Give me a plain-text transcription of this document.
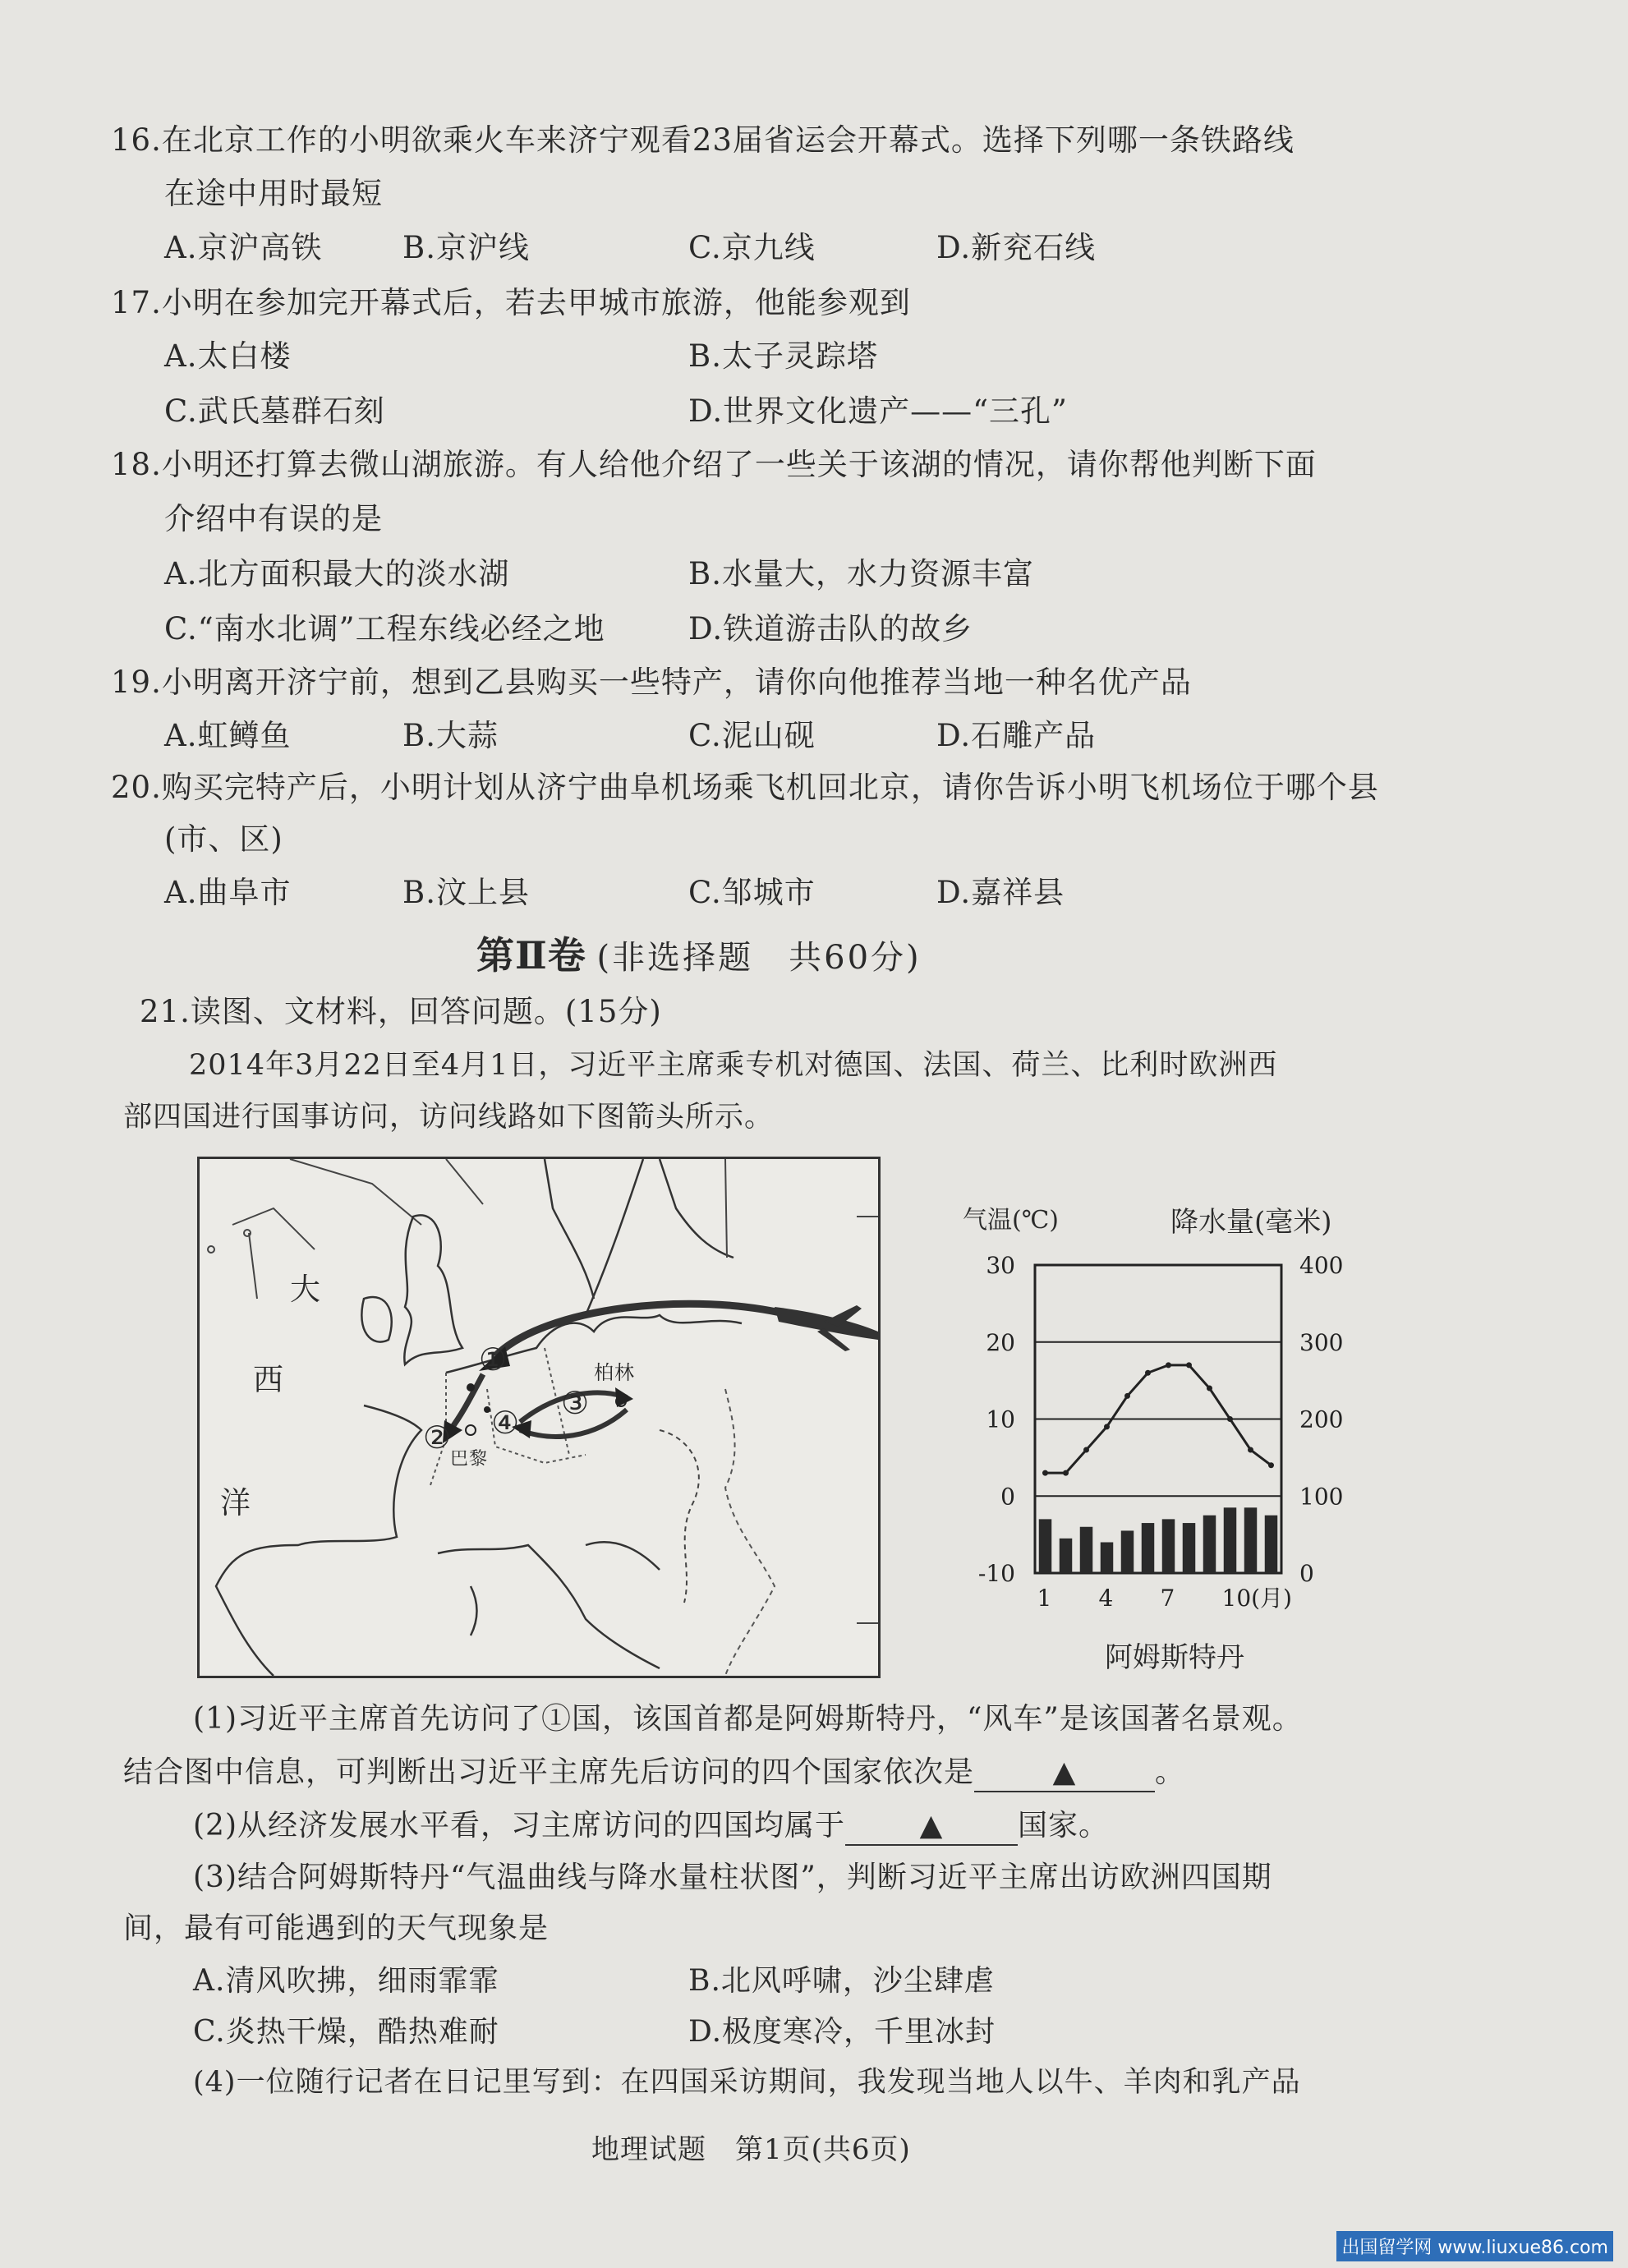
16.在北京工作的小明欲乘火车来济宁观看23届省运会开幕式。选择下列哪一条铁路线
在途中用时最短
A.京沪高铁	B.京沪线	C.京九线	D.新兖石线
17.小明在参加完开幕式后，若去甲城市旅游，他能参观到
A.太白楼	B.太子灵踪塔
C.武氏墓群石刻	D.世界文化遗产——“三孔”
18.小明还打算去微山湖旅游。有人给他介绍了一些关于该湖的情况，请你帮他判断下面
介绍中有误的是
A.北方面积最大的淡水湖	B.水量大，水力资源丰富
C.“南水北调”工程东线必经之地	D.铁道游击队的故乡
19.小明离开济宁前，想到乙县购买一些特产，请你向他推荐当地一种名优产品
A.虹鳟鱼	B.大蒜	C.泥山砚	D.石雕产品
20.购买完特产后，小明计划从济宁曲阜机场乘飞机回北京，请你告诉小明飞机场位于哪个县
(市、区)
A.曲阜市	B.汶上县	C.邹城市	D.嘉祥县
第Ⅱ卷 (非选择题　共60分)
21.读图、文材料，回答问题。(15分)
2014年3月22日至4月1日，习近平主席乘专机对德国、法国、荷兰、比利时欧洲西
部四国进行国事访问，访问线路如下图箭头所示。
大
西
洋
①
②
③
④
柏林
巴黎
气温(℃)	降水量(毫米)
30
20
10
0
-10
400
300
200
100
0
1 4 7 10(月)
阿姆斯特丹
(1)习近平主席首先访问了①国，该国首都是阿姆斯特丹，“风车”是该国著名景观。
结合图中信息，可判断出习近平主席先后访问的四个国家依次是	▲	。
(2)从经济发展水平看，习主席访问的四国均属于	▲	国家。
(3)结合阿姆斯特丹“气温曲线与降水量柱状图”，判断习近平主席出访欧洲四国期
间，最有可能遇到的天气现象是
A.清风吹拂，细雨霏霏	B.北风呼啸，沙尘肆虐
C.炎热干燥，酷热难耐	D.极度寒冷，千里冰封
(4)一位随行记者在日记里写到：在四国采访期间，我发现当地人以牛、羊肉和乳产品
地理试题　第1页(共6页)
出国留学网 www.liuxue86.com
